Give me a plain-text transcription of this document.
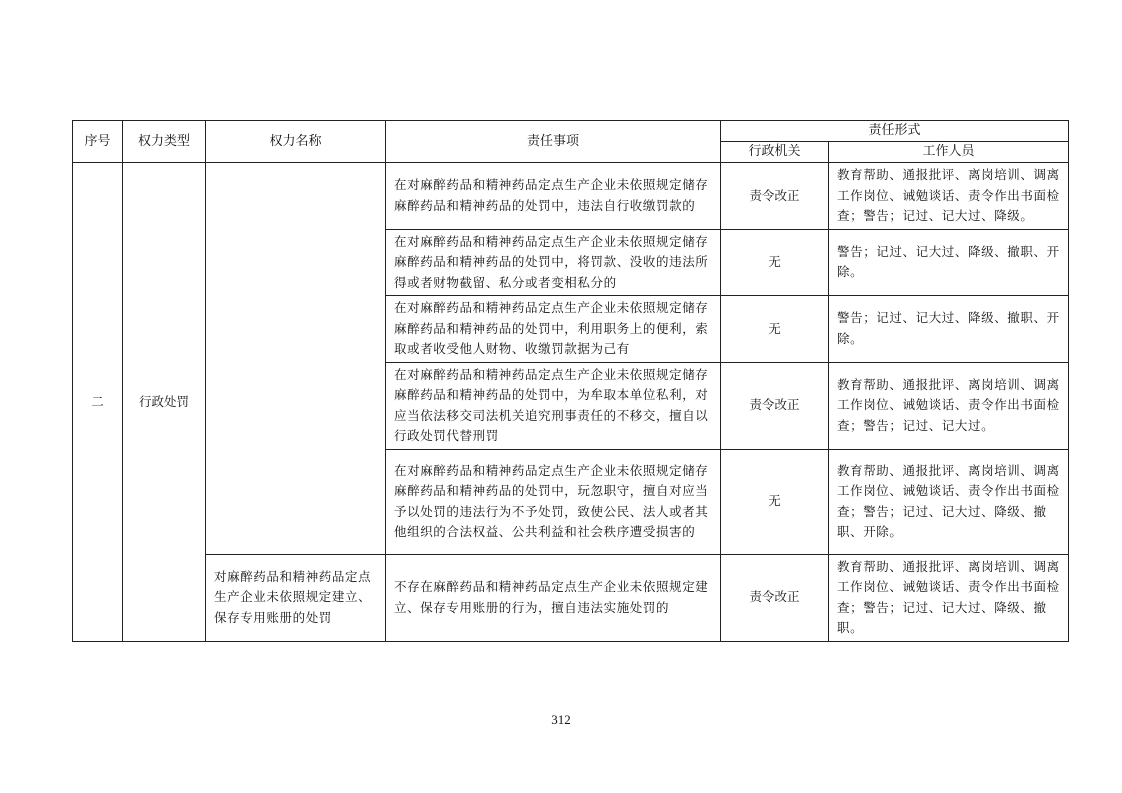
序号	权力类型	权力名称	责任事项	责任形式	
				行政机关	工作人员
二	行政处罚		在对麻醉药品和精神药品定点生产企业未依照规定储存麻醉药品和精神药品的处罚中，违法自行收缴罚款的	责令改正	教育帮助、通报批评、离岗培训、调离工作岗位、诫勉谈话、责令作出书面检查；警告；记过、记大过、降级。
			在对麻醉药品和精神药品定点生产企业未依照规定储存麻醉药品和精神药品的处罚中，将罚款、没收的违法所得或者财物截留、私分或者变相私分的	无	警告；记过、记大过、降级、撤职、开除。
			在对麻醉药品和精神药品定点生产企业未依照规定储存麻醉药品和精神药品的处罚中，利用职务上的便利，索取或者收受他人财物、收缴罚款据为己有	无	警告；记过、记大过、降级、撤职、开除。
			在对麻醉药品和精神药品定点生产企业未依照规定储存麻醉药品和精神药品的处罚中，为牟取本单位私利，对应当依法移交司法机关追究刑事责任的不移交，擅自以行政处罚代替刑罚	责令改正	教育帮助、通报批评、离岗培训、调离工作岗位、诫勉谈话、责令作出书面检查；警告；记过、记大过。
			在对麻醉药品和精神药品定点生产企业未依照规定储存麻醉药品和精神药品的处罚中，玩忽职守，擅自对应当予以处罚的违法行为不予处罚，致使公民、法人或者其他组织的合法权益、公共利益和社会秩序遭受损害的	无	教育帮助、通报批评、离岗培训、调离工作岗位、诫勉谈话、责令作出书面检查；警告；记过、记大过、降级、撤职、开除。
		对麻醉药品和精神药品定点生产企业未依照规定建立、保存专用账册的处罚	不存在麻醉药品和精神药品定点生产企业未依照规定建立、保存专用账册的行为，擅自违法实施处罚的	责令改正	教育帮助、通报批评、离岗培训、调离工作岗位、诫勉谈话、责令作出书面检查；警告；记过、记大过、降级、撤职。
312
